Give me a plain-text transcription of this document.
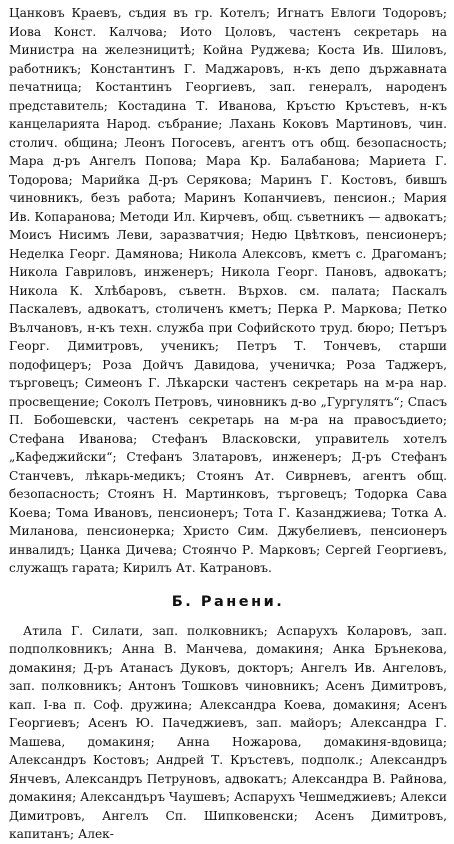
Цанковъ Краевъ, съдия въ гр. Котелъ; Игнатъ Евлоги Тодоровъ; Иова Конст. Калчова; Иото Цоловъ, частенъ секретарь на Министра на железницитѣ; Койна Руджева; Коста Ив. Шиловъ, работникъ; Константинъ Г. Маджаровъ, н-къ депо държавната печатница; Костантинъ Георгиевъ, зап. генералъ, народенъ представитель; Костадина Т. Иванова, Кръстю Кръстевъ, н-къ канцеларията Народ. събрание; Лахань Коковъ Мартиновъ, чин. столич. община; Леонъ Погосевъ, агентъ отъ общ. безопасность; Мара д-ръ Ангелъ Попова; Мара Кр. Балабанова; Мариета Г. Тодорова; Марийка Д-ръ Серякова; Маринъ Г. Костовъ, бившъ чиновникъ, безъ работа; Маринъ Копанчиевъ, пенсион.; Мария Ив. Копаранова; Методи Ил. Кирчевъ, общ. съветникъ — адвокатъ; Моисъ Нисимъ Леви, заразватчия; Недю Цвѣтковъ, пенсионеръ; Неделка Георг. Дамянова; Никола Алексовъ, кметъ с. Драгоманъ; Никола Гавриловъ, инженеръ; Никола Георг. Пановъ, адвокатъ; Никола К. Хлѣбаровъ, съветн. Върхов. см. палата; Паскалъ Паскалевъ, адвокатъ, столиченъ кметъ; Перка Р. Маркова; Петко Вълчановъ, н-къ техн. служба при Софийското труд. бюро; Петъръ Георг. Димитровъ, ученикъ; Петръ Т. Тончевъ, старши подофицеръ; Роза Дойчъ Давидова, ученичка; Роза Таджеръ, търговецъ; Симеонъ Г. Лѣкарски частенъ секретарь на м-ра нар. просвещение; Соколъ Петровъ, чиновникъ д-во „Гургулятъ“; Спасъ П. Бобошевски, частенъ секретарь на м-ра на правосъдието; Стефана Иванова; Стефанъ Власковски, управитель хотелъ „Кафеджийски“; Стефанъ Златаровъ, инженеръ; Д-ръ Стефанъ Станчевъ, лѣкарь-медикъ; Стоянъ Ат. Сиврневъ, агентъ общ. безопасность; Стоянъ Н. Мартинковъ, търговецъ; Тодорка Сава Коева; Тома Ивановъ, пенсионеръ; Тота Г. Казанджиева; Тотка А. Миланова, пенсионерка; Христо Сим. Джубелиевъ, пенсионеръ инвалидъ; Цанка Дичева; Стоянчо Р. Марковъ; Сергей Георгиевъ, служащъ гарата; Кирилъ Ат. Катрановъ.

Б. Ранени.

Атила Г. Силати, зап. полковникъ; Аспарухъ Коларовъ, зап. подполковникъ; Анна В. Манчева, домакиня; Анка Брънекова, домакиня; Д-ръ Атанасъ Дуковъ, докторъ; Ангелъ Ив. Ангеловъ, зап. полковникъ; Антонъ Тошковъ чиновникъ; Асенъ Димитровъ, кап. I-ва п. Соф. дружина; Александра Коева, домакиня; Асенъ Георгиевъ; Асенъ Ю. Пачеджиевъ, зап. майоръ; Александра Г. Машева, домакиня; Анна Ножарова, домакиня-вдовица; Александръ Костовъ; Андрей Т. Кръстевъ, подполк.; Александръ Янчевъ, Александръ Петруновъ, адвокатъ; Александра В. Райнова, домакиня; Александъръ Чаушевъ; Аспарухъ Чешмеджиевъ; Алекси Димитровъ, Ангелъ Сп. Шипковенски; Асенъ Димитровъ, капитанъ; Алек-
